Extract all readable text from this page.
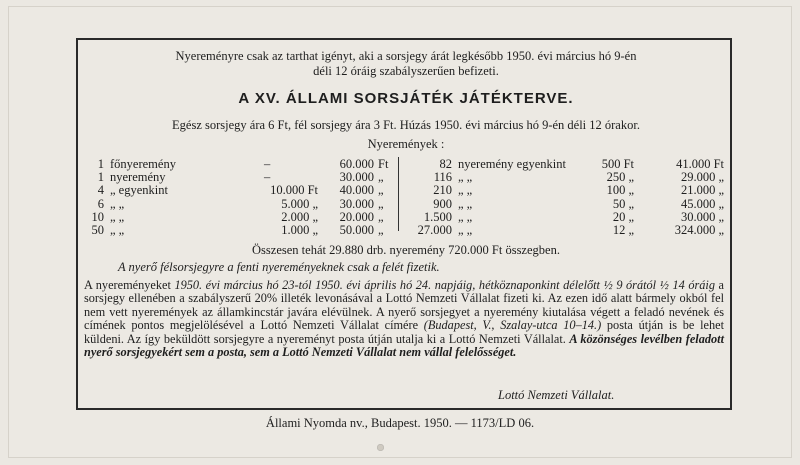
Nyereményre csak az tarthat igényt, aki a sorsjegy árát legkésőbb 1950. évi március hó 9-én
déli 12 óráig szabályszerűen befizeti.
A XV. ÁLLAMI SORSJÁTÉK JÁTÉKTERVE.
Egész sorsjegy ára 6 Ft, fél sorsjegy ára 3 Ft. Húzás 1950. évi március hó 9-én déli 12 órakor.
Nyeremények :
1 főnyeremény	–	60.000 Ft
1 nyeremény	–	30.000 „
4 „ egyenkint	10.000 Ft	40.000 „
6 „ „	5.000 „	30.000 „
10 „ „	2.000 „	20.000 „
50 „ „	1.000 „	50.000 „
82 nyeremény egyenkint	500 Ft	41.000 Ft
116 „ „	250 „	29.000 „
210 „ „	100 „	21.000 „
900 „ „	50 „	45.000 „
1.500 „ „	20 „	30.000 „
27.000 „ „	12 „	324.000 „
Összesen tehát 29.880 drb. nyeremény 720.000 Ft összegben.
A nyerő félsorsjegyre a fenti nyereményeknek csak a felét fizetik.
A nyereményeket 1950. évi március hó 23-tól 1950. évi április hó 24. napjáig, hétköznaponkint délelőtt ½ 9 órától ½ 14 óráig a sorsjegy ellenében a szabályszerű 20% illeték levonásával a Lottó Nemzeti Vállalat fizeti ki. Az ezen idő alatt bármely okból fel nem vett nyeremények az államkincstár javára elévülnek. A nyerő sorsjegyet a nyeremény kiutalása végett a feladó nevének és címének pontos megjelölésével a Lottó Nemzeti Vállalat címére (Budapest, V., Szalay-utca 10–14.) posta útján is be lehet küldeni. Az így beküldött sorsjegyre a nyereményt posta útján utalja ki a Lottó Nemzeti Vállalat. A közönséges levélben feladott nyerő sorsjegyekért sem a posta, sem a Lottó Nemzeti Vállalat nem vállal felelősséget.
Lottó Nemzeti Vállalat.
Állami Nyomda nv., Budapest. 1950. — 1173/LD 06.
